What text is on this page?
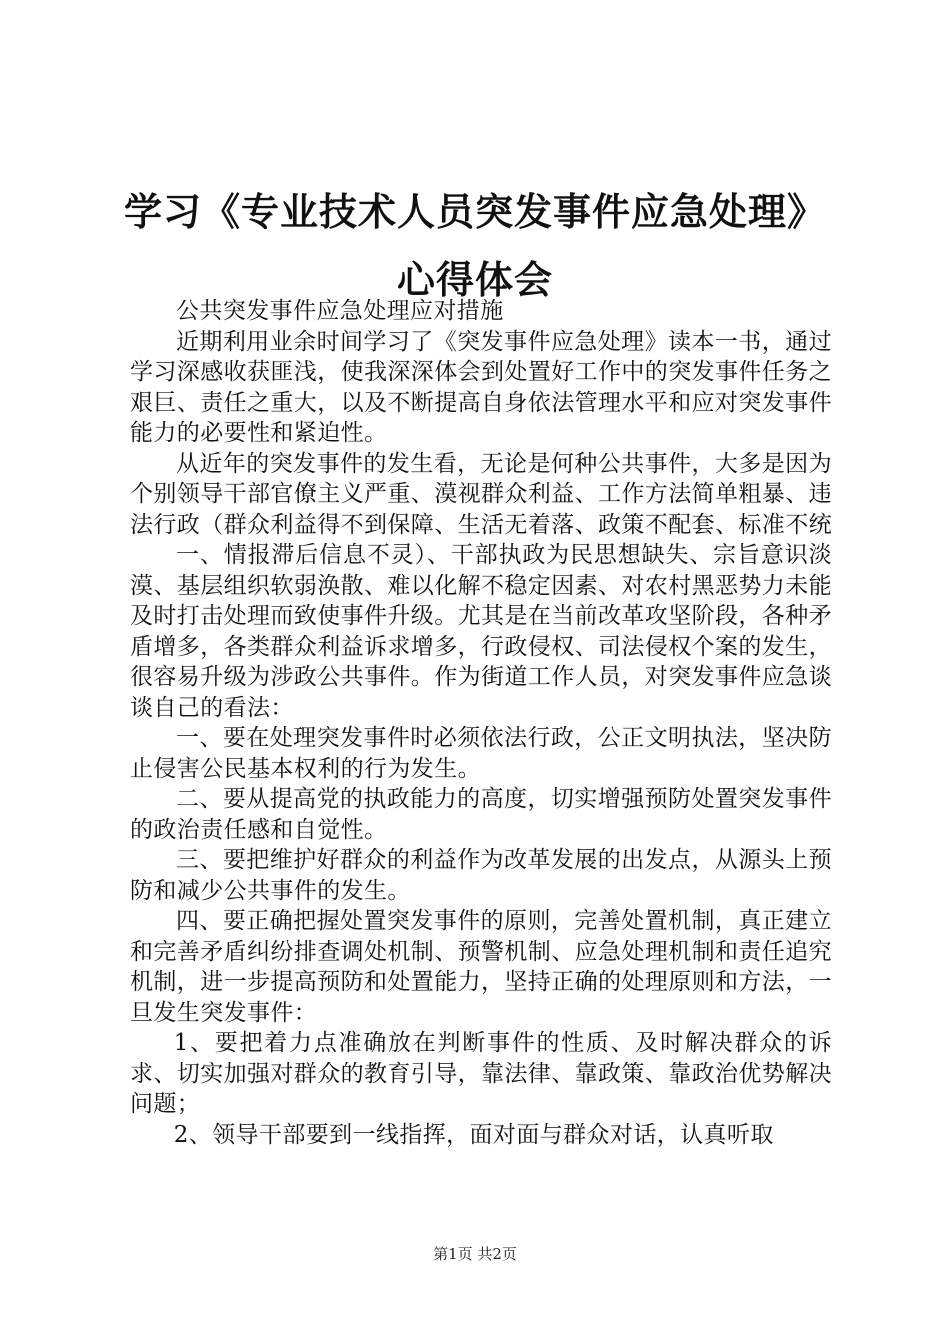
学习《专业技术人员突发事件应急处理》心得体会

公共突发事件应急处理应对措施

近期利用业余时间学习了《突发事件应急处理》读本一书，通过学习深感收获匪浅，使我深深体会到处置好工作中的突发事件任务之艰巨、责任之重大，以及不断提高自身依法管理水平和应对突发事件能力的必要性和紧迫性。

从近年的突发事件的发生看，无论是何种公共事件，大多是因为个别领导干部官僚主义严重、漠视群众利益、工作方法简单粗暴、违法行政（群众利益得不到保障、生活无着落、政策不配套、标准不统

一、情报滞后信息不灵）、干部执政为民思想缺失、宗旨意识淡漠、基层组织软弱涣散、难以化解不稳定因素、对农村黑恶势力未能及时打击处理而致使事件升级。尤其是在当前改革攻坚阶段，各种矛盾增多，各类群众利益诉求增多，行政侵权、司法侵权个案的发生，很容易升级为涉政公共事件。作为街道工作人员，对突发事件应急谈谈自己的看法：

一、要在处理突发事件时必须依法行政，公正文明执法，坚决防止侵害公民基本权利的行为发生。

二、要从提高党的执政能力的高度，切实增强预防处置突发事件的政治责任感和自觉性。

三、要把维护好群众的利益作为改革发展的出发点，从源头上预防和减少公共事件的发生。

四、要正确把握处置突发事件的原则，完善处置机制，真正建立和完善矛盾纠纷排查调处机制、预警机制、应急处理机制和责任追究机制，进一步提高预防和处置能力，坚持正确的处理原则和方法，一旦发生突发事件：

1、要把着力点准确放在判断事件的性质、及时解决群众的诉求、切实加强对群众的教育引导，靠法律、靠政策、靠政治优势解决问题；

2、领导干部要到一线指挥，面对面与群众对话，认真听取

第1页 共2页
